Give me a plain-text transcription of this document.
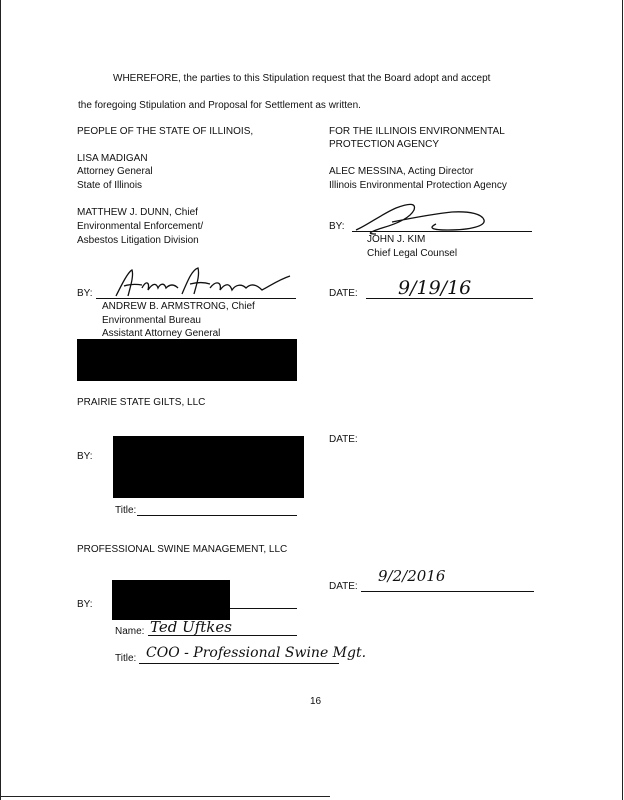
WHEREFORE, the parties to this Stipulation request that the Board adopt and accept
the foregoing Stipulation and Proposal for Settlement as written.
PEOPLE OF THE STATE OF ILLINOIS,
LISA MADIGAN
Attorney General
State of Illinois
MATTHEW J. DUNN, Chief
Environmental Enforcement/
Asbestos Litigation Division
BY:
ANDREW B. ARMSTRONG, Chief
Environmental Bureau
Assistant Attorney General
FOR THE ILLINOIS ENVIRONMENTAL
PROTECTION AGENCY
ALEC MESSINA, Acting Director
Illinois Environmental Protection Agency
BY:
JOHN J. KIM
Chief Legal Counsel
DATE: 9/19/16
PRAIRIE STATE GILTS, LLC
BY:
Title:
DATE:
PROFESSIONAL SWINE MANAGEMENT, LLC
BY:
Name: Ted Uftkes
Title: COO - Professional Swine Mgt.
DATE:
9/2/2016
16
